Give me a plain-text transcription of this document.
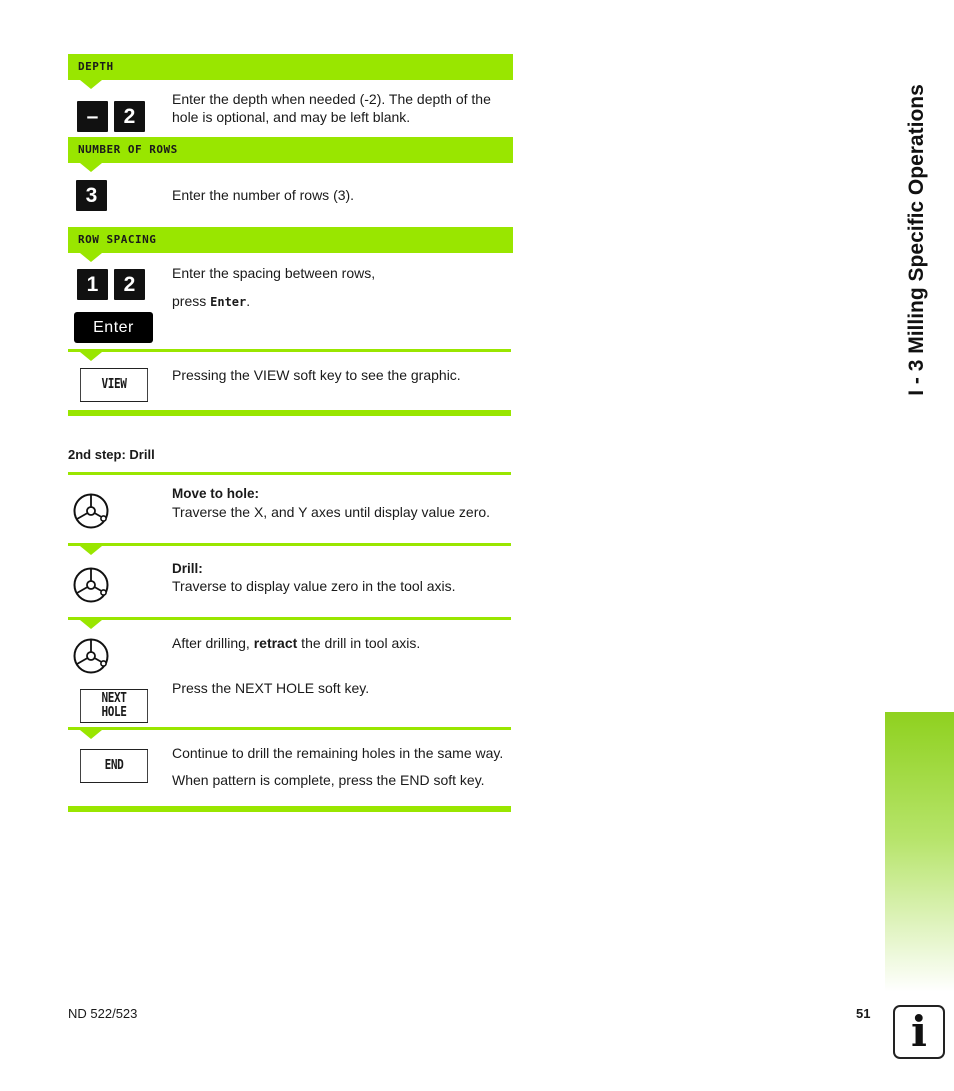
DEPTH
–	2
Enter the depth when needed (-2). The depth of the hole is optional, and may be left blank.
NUMBER OF ROWS
3	Enter the number of rows (3).
ROW SPACING
1	2
Enter
Enter the spacing between rows,
press Enter.
VIEW
Pressing the VIEW soft key to see the graphic.
2nd step: Drill
Move to hole:
Traverse the X, and Y axes until display value zero.
Drill:
Traverse to display value zero in the tool axis.
After drilling, retract the drill in tool axis.
NEXT
HOLE
Press the NEXT HOLE soft key.
END
Continue to drill the remaining holes in the same way.
When pattern is complete, press the END soft key.
I - 3 Milling Specific Operations
ND 522/523	51 i
